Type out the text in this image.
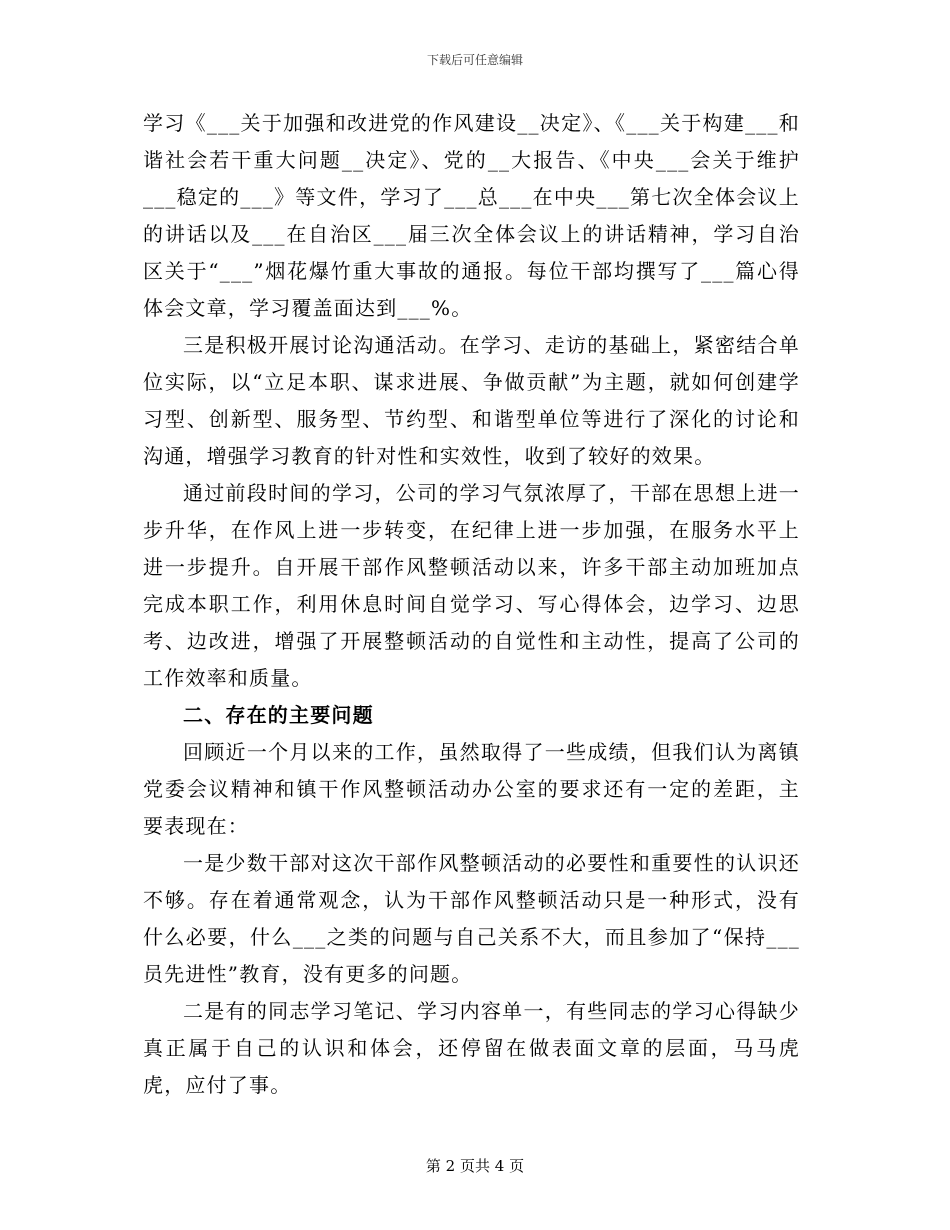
下载后可任意编辑

学习《___关于加强和改进党的作风建设__决定》、《___关于构建___和谐社会若干重大问题__决定》、党的__大报告、《中央___会关于维护___稳定的___》等文件，学习了___总___在中央___第七次全体会议上的讲话以及___在自治区___届三次全体会议上的讲话精神，学习自治区关于“___”烟花爆竹重大事故的通报。每位干部均撰写了___篇心得体会文章，学习覆盖面达到___%。

三是积极开展讨论沟通活动。在学习、走访的基础上，紧密结合单位实际，以“立足本职、谋求进展、争做贡献”为主题，就如何创建学习型、创新型、服务型、节约型、和谐型单位等进行了深化的讨论和沟通，增强学习教育的针对性和实效性，收到了较好的效果。

通过前段时间的学习，公司的学习气氛浓厚了，干部在思想上进一步升华，在作风上进一步转变，在纪律上进一步加强，在服务水平上进一步提升。自开展干部作风整顿活动以来，许多干部主动加班加点完成本职工作，利用休息时间自觉学习、写心得体会，边学习、边思考、边改进，增强了开展整顿活动的自觉性和主动性，提高了公司的工作效率和质量。

二、存在的主要问题

回顾近一个月以来的工作，虽然取得了一些成绩，但我们认为离镇党委会议精神和镇干作风整顿活动办公室的要求还有一定的差距，主要表现在：

一是少数干部对这次干部作风整顿活动的必要性和重要性的认识还不够。存在着通常观念，认为干部作风整顿活动只是一种形式，没有什么必要，什么___之类的问题与自己关系不大，而且参加了“保持___员先进性”教育，没有更多的问题。

二是有的同志学习笔记、学习内容单一，有些同志的学习心得缺少真正属于自己的认识和体会，还停留在做表面文章的层面，马马虎虎，应付了事。

第 2 页共 4 页
